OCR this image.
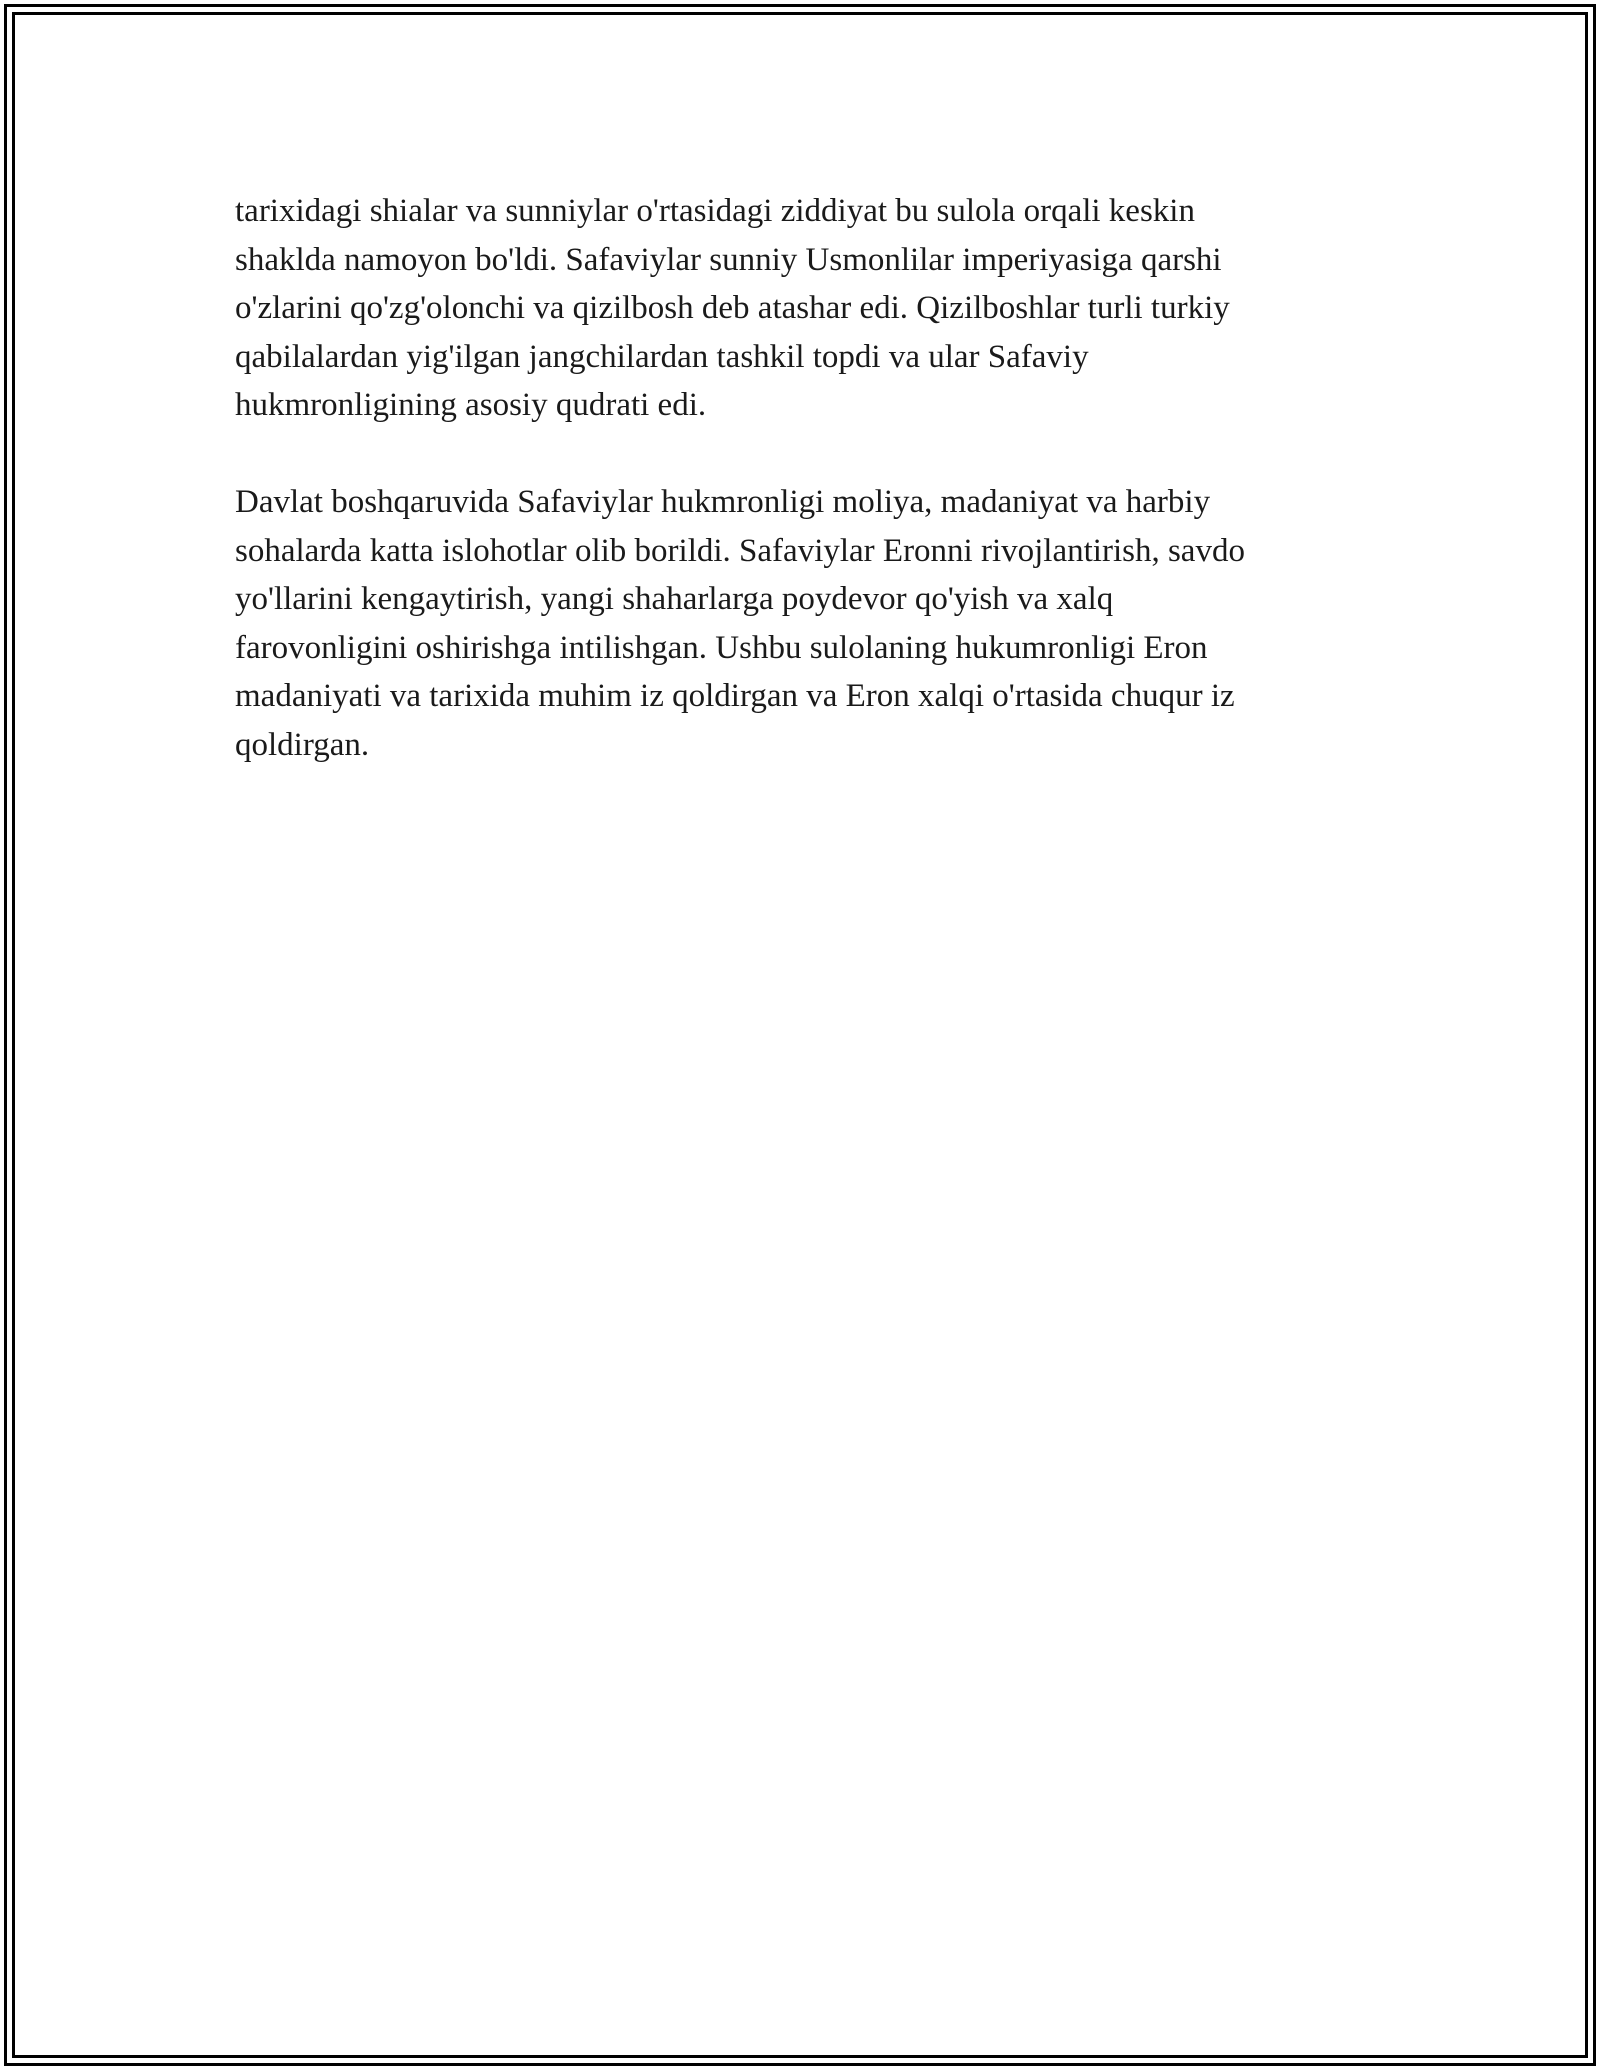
tarixidagi shialar va sunniylar o'rtasidagi ziddiyat bu sulola orqali keskin
shaklda namoyon bo'ldi. Safaviylar sunniy Usmonlilar imperiyasiga qarshi
o'zlarini qo'zg'olonchi va qizilbosh deb atashar edi. Qizilboshlar turli turkiy
qabilalardan yig'ilgan jangchilardan tashkil topdi va ular Safaviy
hukmronligining asosiy qudrati edi.

Davlat boshqaruvida Safaviylar hukmronligi moliya, madaniyat va harbiy
sohalarda katta islohotlar olib borildi. Safaviylar Eronni rivojlantirish, savdo
yo'llarini kengaytirish, yangi shaharlarga poydevor qo'yish va xalq
farovonligini oshirishga intilishgan. Ushbu sulolaning hukumronligi Eron
madaniyati va tarixida muhim iz qoldirgan va Eron xalqi o'rtasida chuqur iz
qoldirgan.
